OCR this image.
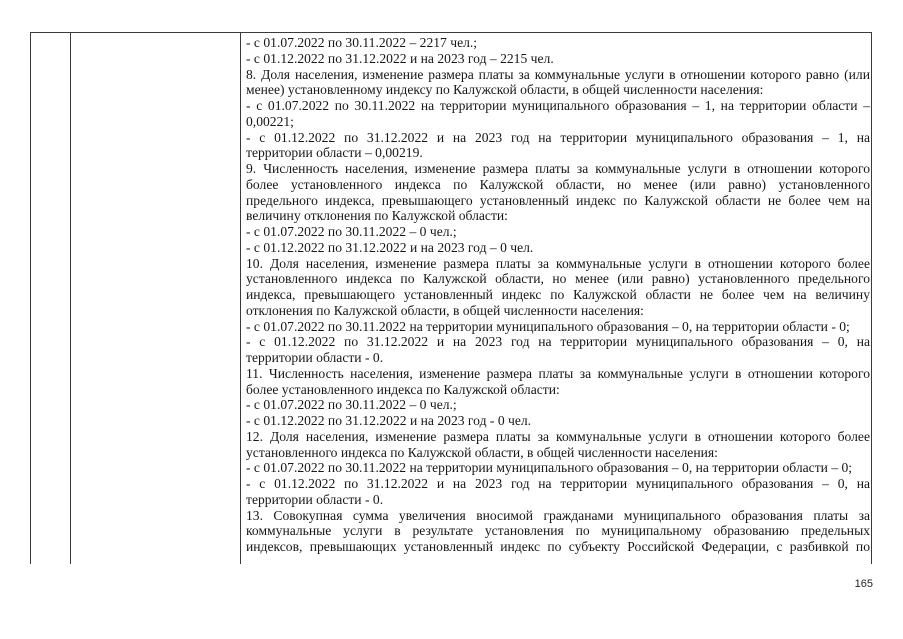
- с 01.07.2022 по 30.11.2022 – 2217 чел.;
- с 01.12.2022 по 31.12.2022 и на 2023 год – 2215 чел.
8. Доля населения, изменение размера платы за коммунальные услуги в отношении которого равно (или
менее) установленному индексу по Калужской области, в общей численности населения:
- с 01.07.2022 по 30.11.2022 на территории муниципального образования – 1, на территории области –
0,00221;
- с 01.12.2022 по 31.12.2022 и на 2023 год на территории муниципального образования – 1, на
территории области – 0,00219.
9. Численность населения, изменение размера платы за коммунальные услуги в отношении которого
более установленного индекса по Калужской области, но менее (или равно) установленного
предельного индекса, превышающего установленный индекс по Калужской области не более чем на
величину отклонения по Калужской области:
- с 01.07.2022 по 30.11.2022 – 0 чел.;
- с 01.12.2022 по 31.12.2022 и на 2023 год – 0 чел.
10. Доля населения, изменение размера платы за коммунальные услуги в отношении которого более
установленного индекса по Калужской области, но менее (или равно) установленного предельного
индекса, превышающего установленный индекс по Калужской области не более чем на величину
отклонения по Калужской области, в общей численности населения:
- с 01.07.2022 по 30.11.2022 на территории муниципального образования – 0, на территории области - 0;
- с 01.12.2022 по 31.12.2022 и на 2023 год на территории муниципального образования – 0, на
территории области - 0.
11. Численность населения, изменение размера платы за коммунальные услуги в отношении которого
более установленного индекса по Калужской области:
- с 01.07.2022 по 30.11.2022 – 0 чел.;
- с 01.12.2022 по 31.12.2022 и на 2023 год - 0 чел.
12. Доля населения, изменение размера платы за коммунальные услуги в отношении которого более
установленного индекса по Калужской области, в общей численности населения:
- с 01.07.2022 по 30.11.2022 на территории муниципального образования – 0, на территории области – 0;
- с 01.12.2022 по 31.12.2022 и на 2023 год на территории муниципального образования – 0, на
территории области - 0.
13. Совокупная сумма увеличения вносимой гражданами муниципального образования платы за
коммунальные услуги в результате установления по муниципальному образованию предельных
индексов, превышающих установленный индекс по субъекту Российской Федерации, с разбивкой по
165
